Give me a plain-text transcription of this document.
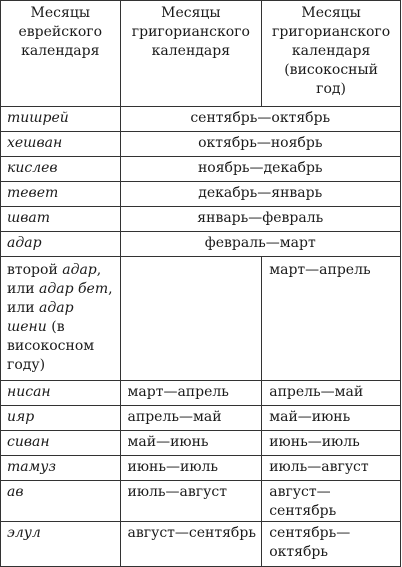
Месяцы еврейского календаря	Месяцы григорианского календаря	Месяцы григорианского календаря (високосный год)
тишрей	сентябрь—октябрь	
хешван	октябрь—ноябрь	
кислев	ноябрь—декабрь	
тевет	декабрь—январь	
шват	январь—февраль	
адар	февраль—март	
второй адар, или адар бет, или адар шени (в високосном году)		март—апрель
нисан	март—апрель	апрель—май
ияр	апрель—май	май—июнь
сиван	май—июнь	июнь—июль
тамуз	июнь—июль	июль—август
ав	июль—август	август—сентябрь
элул	август—сентябрь	сентябрь—октябрь
